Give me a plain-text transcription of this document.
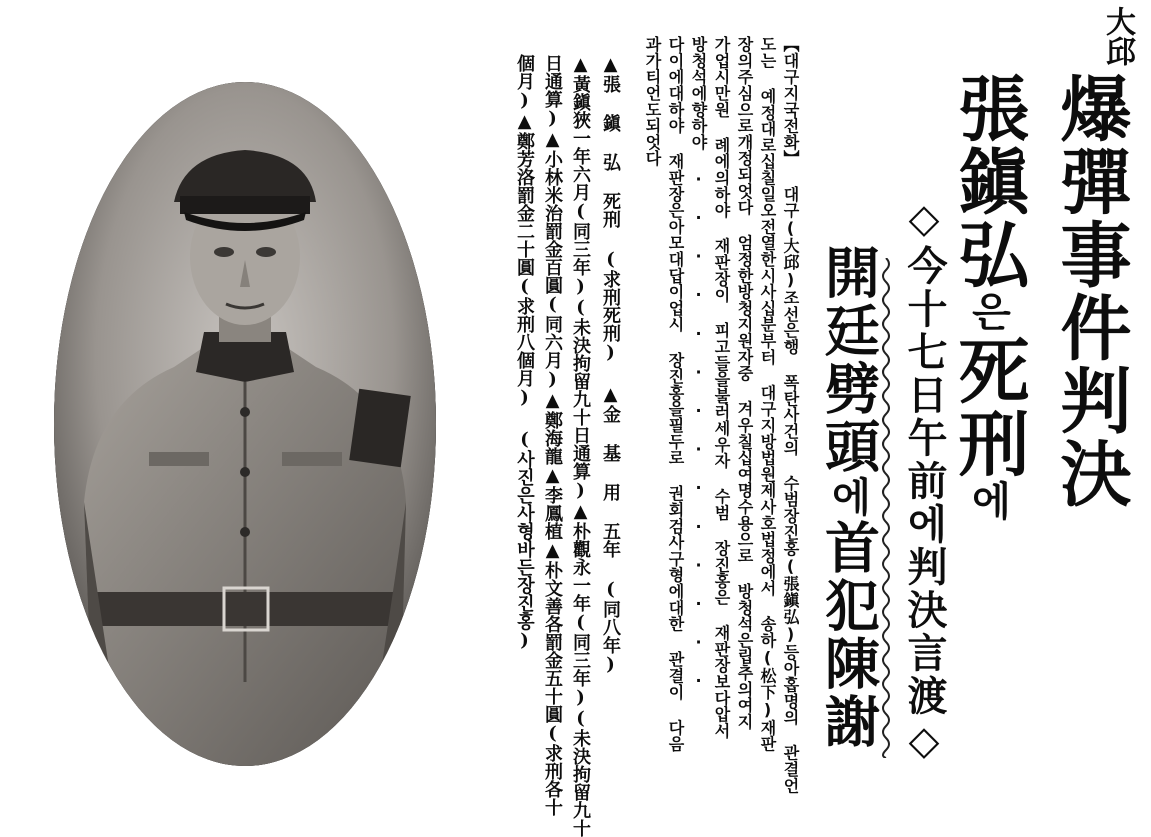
大邱
爆彈事件判決
張鎭弘은死刑에
◇今十七日午前에判決言渡◇
開廷劈頭에首犯陳謝
【대구지국전화】 대구(大邱)조선은행 폭탄사건의 수범장진홍(張鎭弘)등아홉명의 관결언
도는 예정대로십칠일오전열한시사십분부터 대구지방법원제사호법정에서 송하(松下)재판
장의주심으로개정되엇다 엄정한방청지원자중 겨우칠십여명수용으로 방청석은립추의여지
가업시만원 례에의하야 재판장이 피고들을불러세우자 수범 장진홍은 재판장보다압서
방청석에향하야 · · · · · · · · · · · · · ·
다이에대하야 재판장은아모대답이업시 장진홍을필두로 권회검사구형에대한 관결이 다음
과가티언도되엇다
▲張 鎭 弘 死刑 (求刑死刑) ▲金 基 用 五年 (同八年)
▲黃鎭狹一年六月(同三年)(未決拘留九十日通算)▲朴觀永一年(同三年)(未決拘留九十
日通算)▲小林米治罰金百圓(同六月)▲鄭海龍▲李鳳植▲朴文善各罰金五十圓(求刑各十
個月)▲鄭芳洛罰金二十圓(求刑八個月) (사진은사형바든장진홍)
